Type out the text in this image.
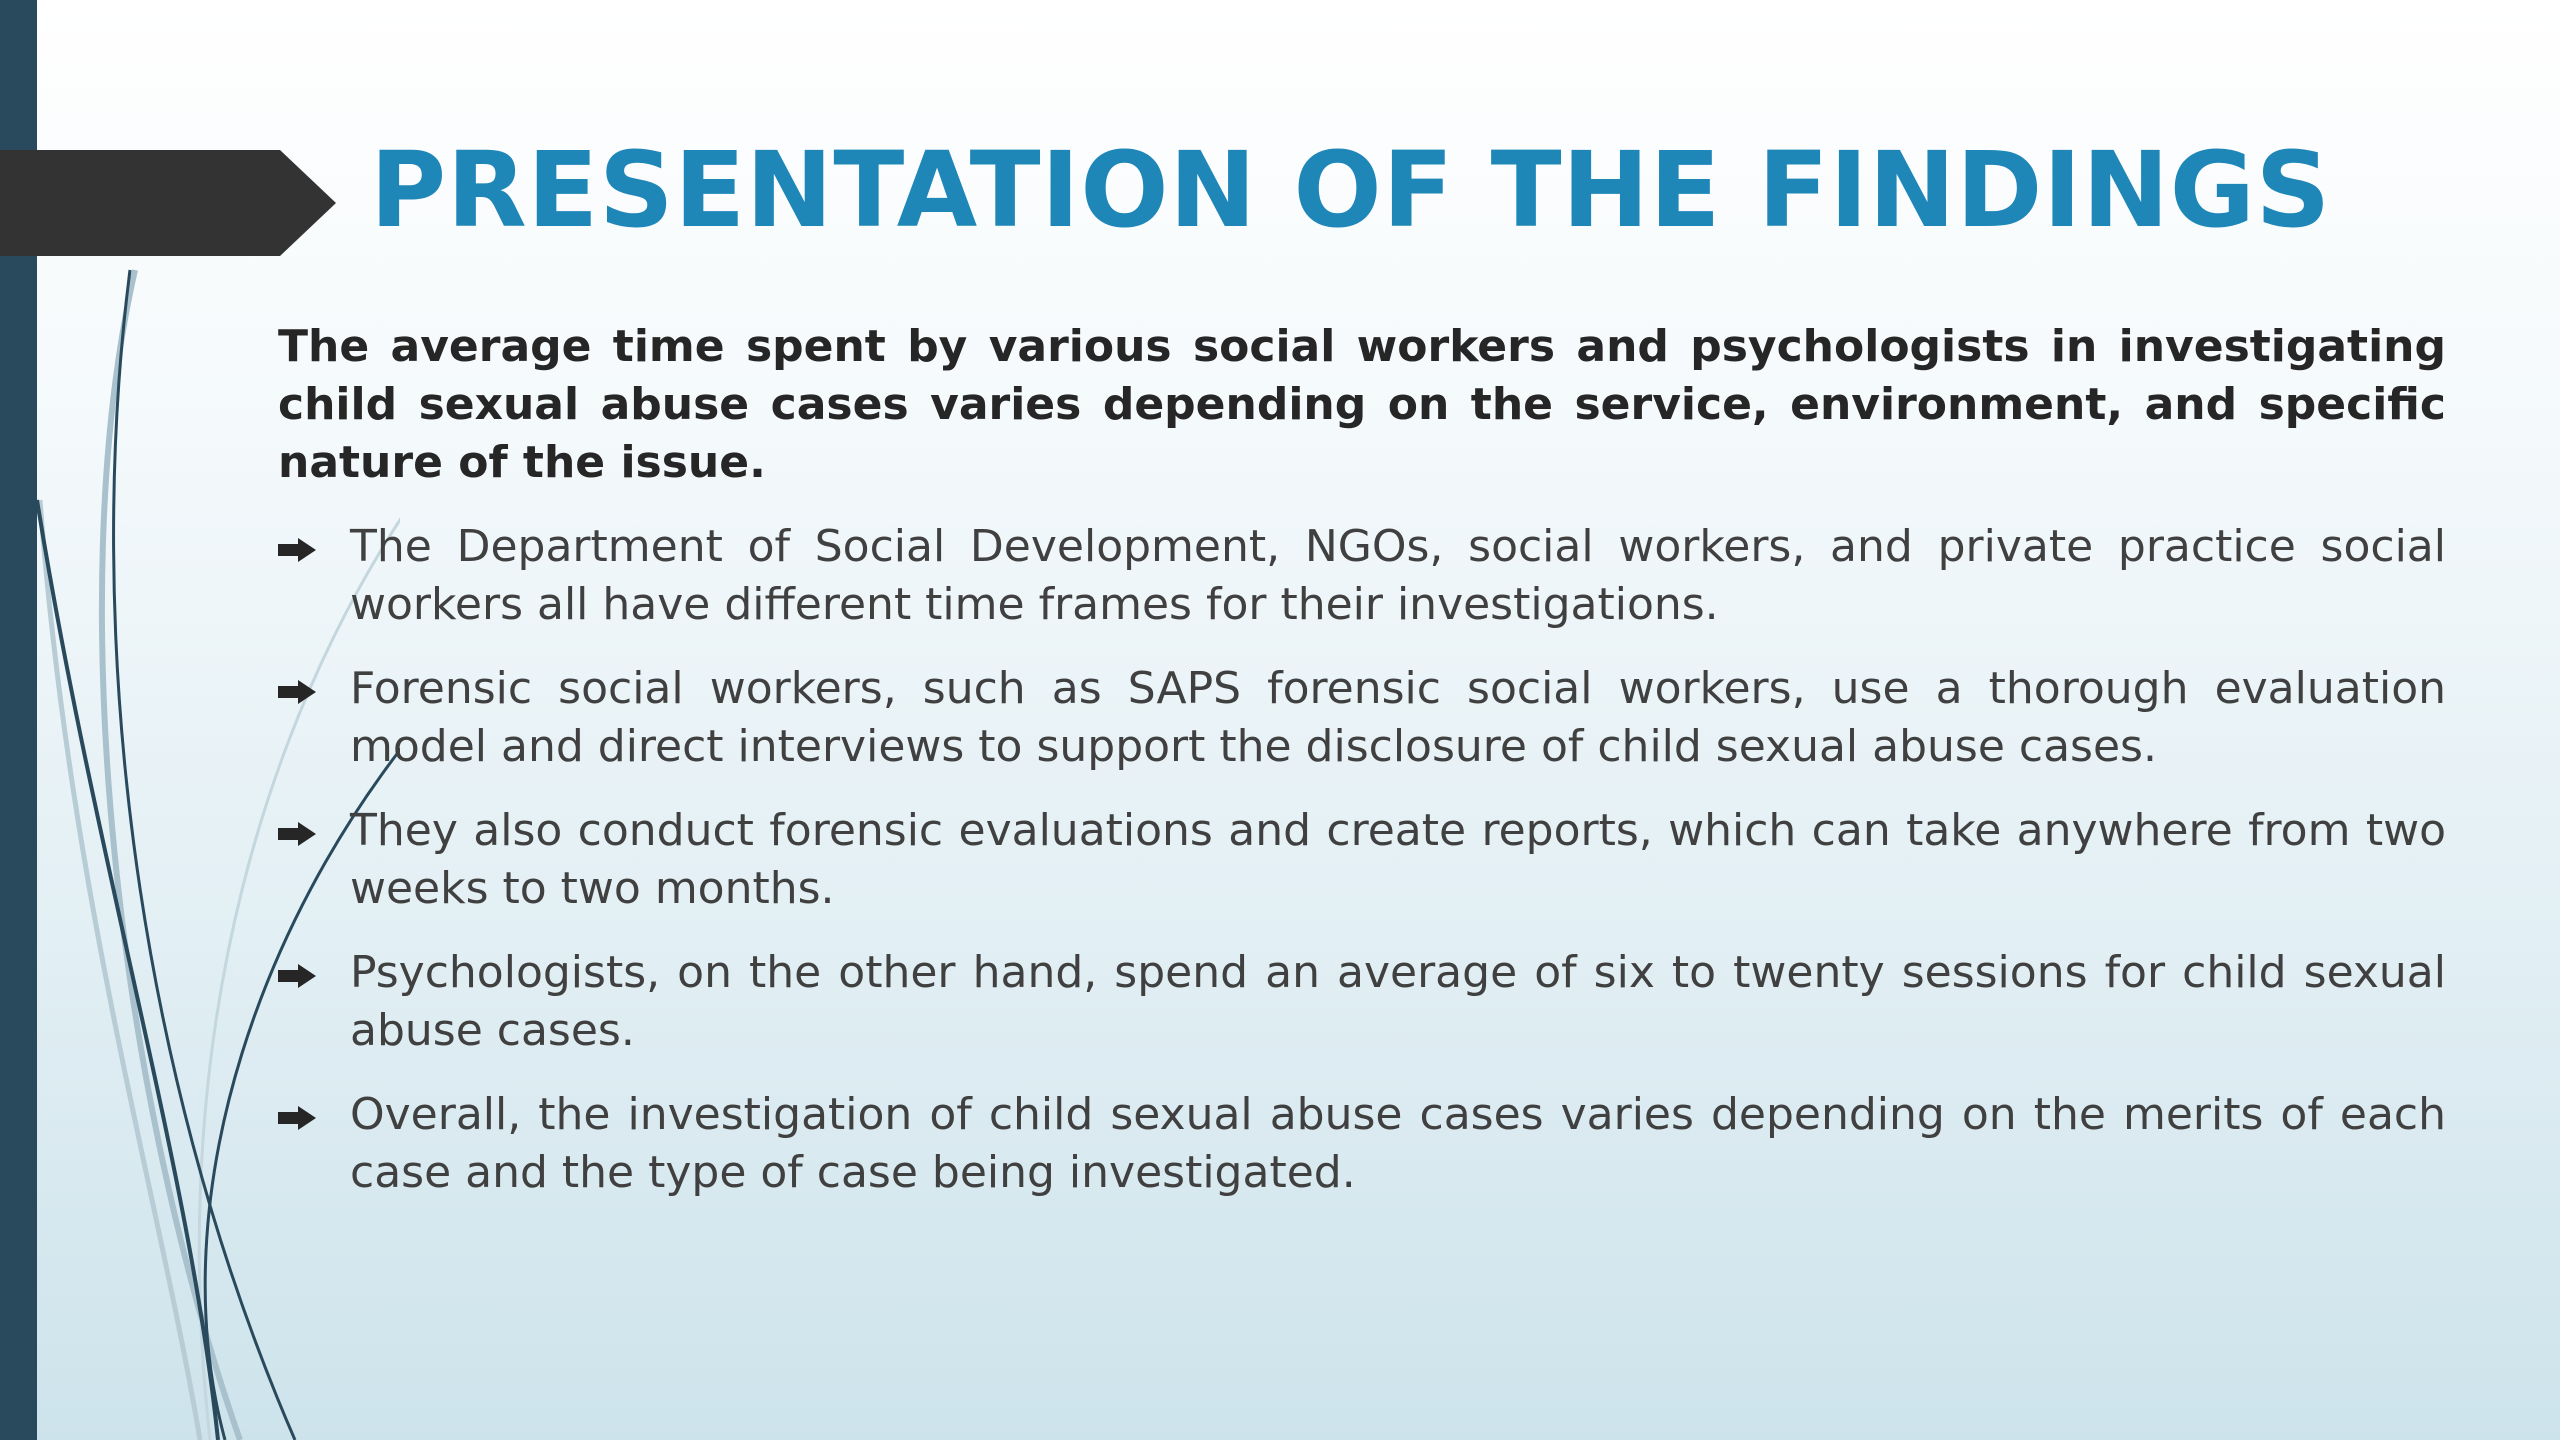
PRESENTATION OF THE FINDINGS

The average time spent by various social workers and psychologists in investigating child sexual abuse cases varies depending on the service, environment, and specific nature of the issue.

The Department of Social Development, NGOs, social workers, and private practice social workers all have different time frames for their investigations.
Forensic social workers, such as SAPS forensic social workers, use a thorough evaluation model and direct interviews to support the disclosure of child sexual abuse cases.
They also conduct forensic evaluations and create reports, which can take anywhere from two weeks to two months.
Psychologists, on the other hand, spend an average of six to twenty sessions for child sexual abuse cases.
Overall, the investigation of child sexual abuse cases varies depending on the merits of each case and the type of case being investigated.
